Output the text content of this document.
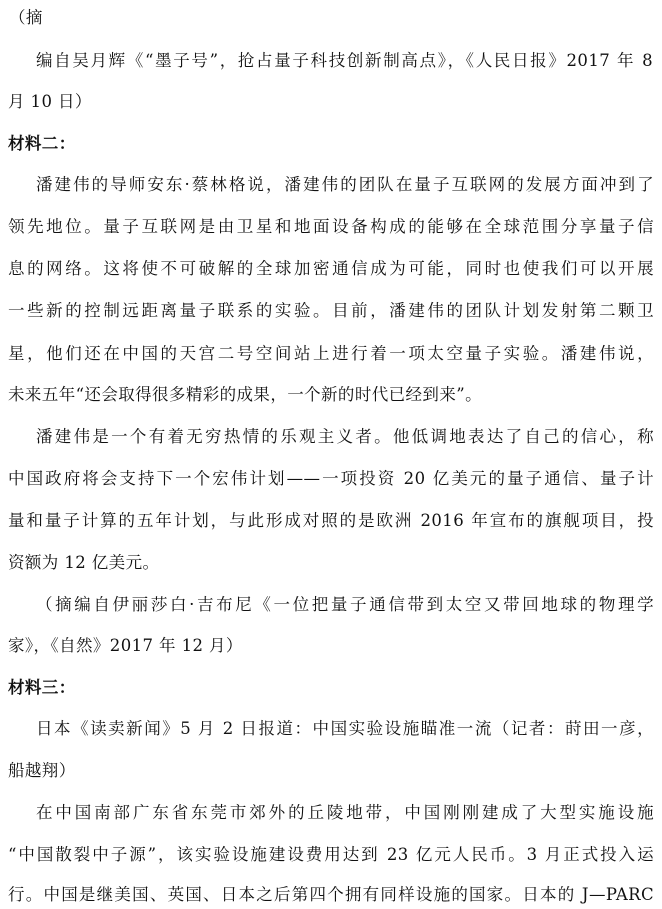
（摘
编自吴月辉《“墨子号”，抢占量子科技创新制高点》，《人民日报》2017 年 8
月 10 日）
材料二：
潘建伟的导师安东·蔡林格说，潘建伟的团队在量子互联网的发展方面冲到了
领先地位。量子互联网是由卫星和地面设备构成的能够在全球范围分享量子信
息的网络。这将使不可破解的全球加密通信成为可能，同时也使我们可以开展
一些新的控制远距离量子联系的实验。目前，潘建伟的团队计划发射第二颗卫
星，他们还在中国的天宫二号空间站上进行着一项太空量子实验。潘建伟说，
未来五年“还会取得很多精彩的成果，一个新的时代已经到来”。
潘建伟是一个有着无穷热情的乐观主义者。他低调地表达了自己的信心，称
中国政府将会支持下一个宏伟计划——一项投资 20 亿美元的量子通信、量子计
量和量子计算的五年计划，与此形成对照的是欧洲 2016 年宣布的旗舰项目，投
资额为 12 亿美元。
（摘编自伊丽莎白·吉布尼《一位把量子通信带到太空又带回地球的物理学
家》，《自然》2017 年 12 月）
材料三：
日本《读卖新闻》5 月 2 日报道：中国实验设施瞄准一流（记者：莳田一彦，
船越翔）
在中国南部广东省东莞市郊外的丘陵地带，中国刚刚建成了大型实施设施
“中国散裂中子源”，该实验设施建设费用达到 23 亿元人民币。3 月正式投入运
行。中国是继美国、英国、日本之后第四个拥有同样设施的国家。日本的 J—PARC
